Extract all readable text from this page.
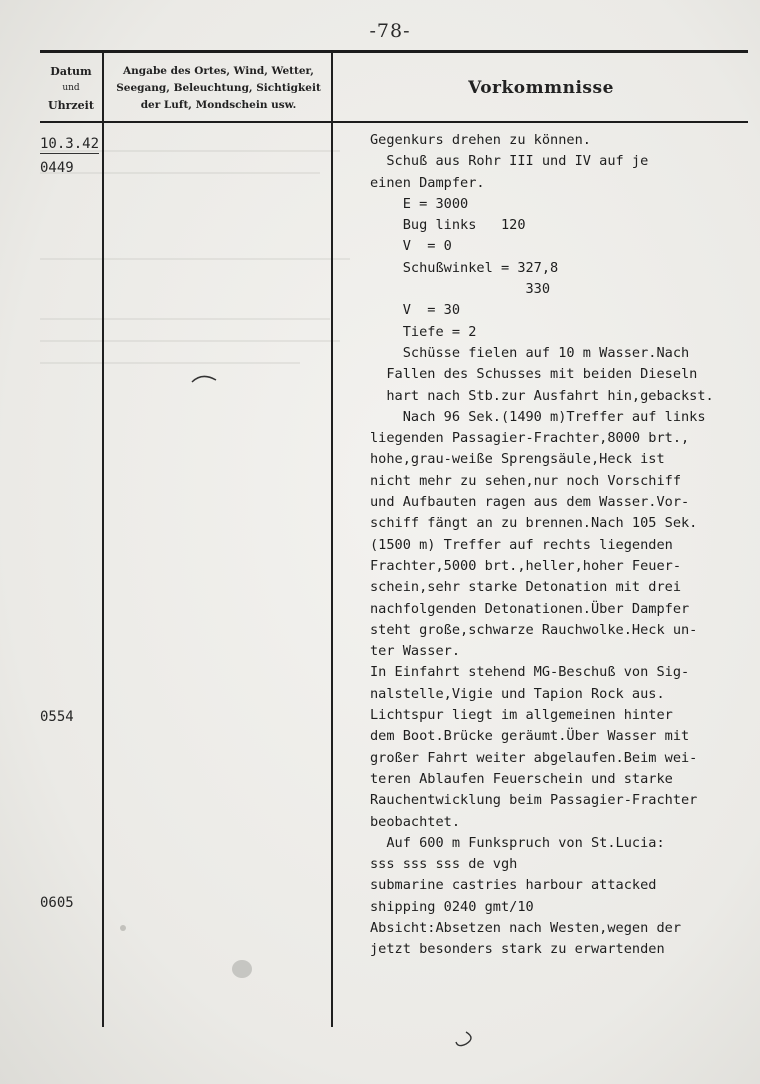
-78-
Datum
und
Uhrzeit
Angabe des Ortes, Wind, Wetter,
Seegang, Beleuchtung, Sichtigkeit
der Luft, Mondschein usw.
Vorkommnisse
10.3.42
0449
0554
0605
Gegenkurs drehen zu können.
Schuß aus Rohr III und IV auf je
einen Dampfer.
E = 3000
Bug links   120
V  = 0
Schußwinkel = 327,8
330
V  = 30
Tiefe = 2
Schüsse fielen auf 10 m Wasser.Nach
Fallen des Schusses mit beiden Dieseln
hart nach Stb.zur Ausfahrt hin,gebackst.
Nach 96 Sek.(1490 m)Treffer auf links
liegenden Passagier-Frachter,8000 brt.,
hohe,grau-weiße Sprengsäule,Heck ist
nicht mehr zu sehen,nur noch Vorschiff
und Aufbauten ragen aus dem Wasser.Vor-
schiff fängt an zu brennen.Nach 105 Sek.
(1500 m) Treffer auf rechts liegenden
Frachter,5000 brt.,heller,hoher Feuer-
schein,sehr starke Detonation mit drei
nachfolgenden Detonationen.Über Dampfer
steht große,schwarze Rauchwolke.Heck un-
ter Wasser.
In Einfahrt stehend MG-Beschuß von Sig-
nalstelle,Vigie und Tapion Rock aus.
Lichtspur liegt im allgemeinen hinter
dem Boot.Brücke geräumt.Über Wasser mit
großer Fahrt weiter abgelaufen.Beim wei-
teren Ablaufen Feuerschein und starke
Rauchentwicklung beim Passagier-Frachter
beobachtet.
Auf 600 m Funkspruch von St.Lucia:
sss sss sss de vgh
submarine castries harbour attacked
shipping 0240 gmt/10
Absicht:Absetzen nach Westen,wegen der
jetzt besonders stark zu erwartenden
